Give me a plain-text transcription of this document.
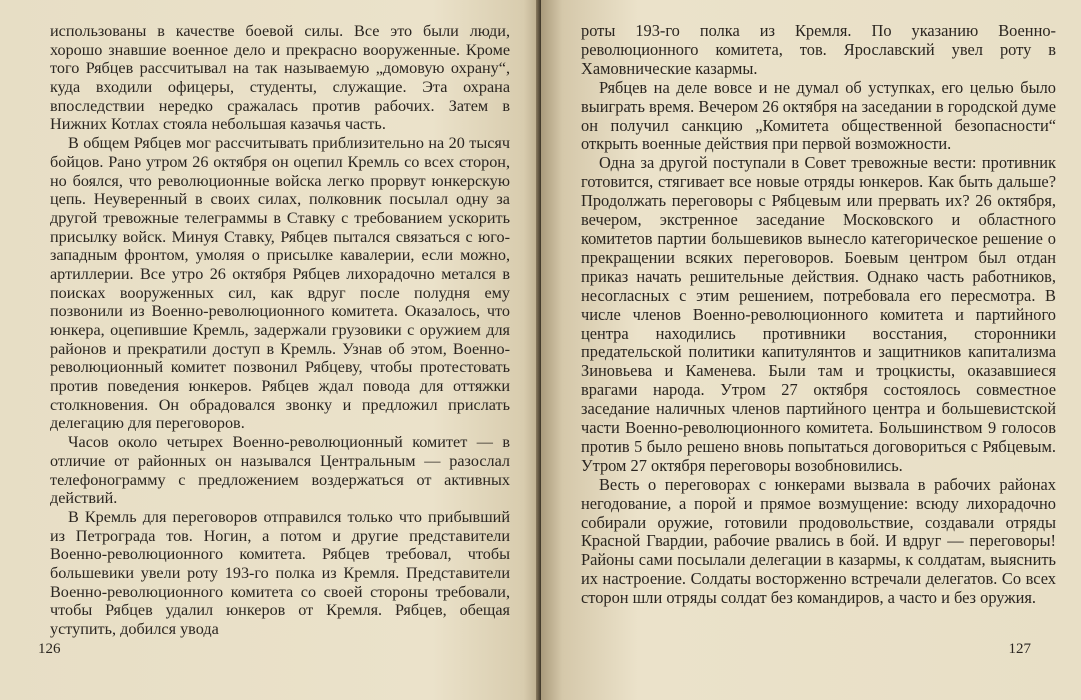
использованы в качестве боевой силы. Все это были люди, хорошо знавшие военное дело и прекрасно вооруженные. Кроме того Рябцев рассчитывал на так называемую „домовую охрану“, куда входили офицеры, студенты, служащие. Эта охрана впоследствии нередко сражалась против рабочих. Затем в Нижних Котлах стояла небольшая казачья часть.

В общем Рябцев мог рассчитывать приблизительно на 20 тысяч бойцов. Рано утром 26 октября он оцепил Кремль со всех сторон, но боялся, что революционные войска легко прорвут юнкерскую цепь. Неуверенный в своих силах, полковник посылал одну за другой тревожные телеграммы в Ставку с требованием ускорить присылку войск. Минуя Ставку, Рябцев пытался связаться с юго-западным фронтом, умоляя о присылке кавалерии, если можно, артиллерии. Все утро 26 октября Рябцев лихорадочно метался в поисках вооруженных сил, как вдруг после полудня ему позвонили из Военно-революционного комитета. Оказалось, что юнкера, оцепившие Кремль, задержали грузовики с оружием для районов и прекратили доступ в Кремль. Узнав об этом, Военно-революционный комитет позвонил Рябцеву, чтобы протестовать против поведения юнкеров. Рябцев ждал повода для оттяжки столкновения. Он обрадовался звонку и предложил прислать делегацию для переговоров.

Часов около четырех Военно-революционный комитет — в отличие от районных он назывался Центральным — разослал телефонограмму с предложением воздержаться от активных действий.

В Кремль для переговоров отправился только что прибывший из Петрограда тов. Ногин, а потом и другие представители Военно-революционного комитета. Рябцев требовал, чтобы большевики увели роту 193-го полка из Кремля. Представители Военно-революционного комитета со своей стороны требовали, чтобы Рябцев удалил юнкеров от Кремля. Рябцев, обещая уступить, добился увода

126

роты 193-го полка из Кремля. По указанию Военно-революционного комитета, тов. Ярославский увел роту в Хамовнические казармы.

Рябцев на деле вовсе и не думал об уступках, его целью было выиграть время. Вечером 26 октября на заседании в городской думе он получил санкцию „Комитета общественной безопасности“ открыть военные действия при первой возможности.

Одна за другой поступали в Совет тревожные вести: противник готовится, стягивает все новые отряды юнкеров. Как быть дальше? Продолжать переговоры с Рябцевым или прервать их? 26 октября, вечером, экстренное заседание Московского и областного комитетов партии большевиков вынесло категорическое решение о прекращении всяких переговоров. Боевым центром был отдан приказ начать решительные действия. Однако часть работников, несогласных с этим решением, потребовала его пересмотра. В числе членов Военно-революционного комитета и партийного центра находились противники восстания, сторонники предательской политики капитулянтов и защитников капитализма Зиновьева и Каменева. Были там и троцкисты, оказавшиеся врагами народа. Утром 27 октября состоялось совместное заседание наличных членов партийного центра и большевистской части Военно-революционного комитета. Большинством 9 голосов против 5 было решено вновь попытаться договориться с Рябцевым. Утром 27 октября переговоры возобновились.

Весть о переговорах с юнкерами вызвала в рабочих районах негодование, а порой и прямое возмущение: всюду лихорадочно собирали оружие, готовили продовольствие, создавали отряды Красной Гвардии, рабочие рвались в бой. И вдруг — переговоры! Районы сами посылали делегации в казармы, к солдатам, выяснить их настроение. Солдаты восторженно встречали делегатов. Со всех сторон шли отряды солдат без командиров, а часто и без оружия.

127
